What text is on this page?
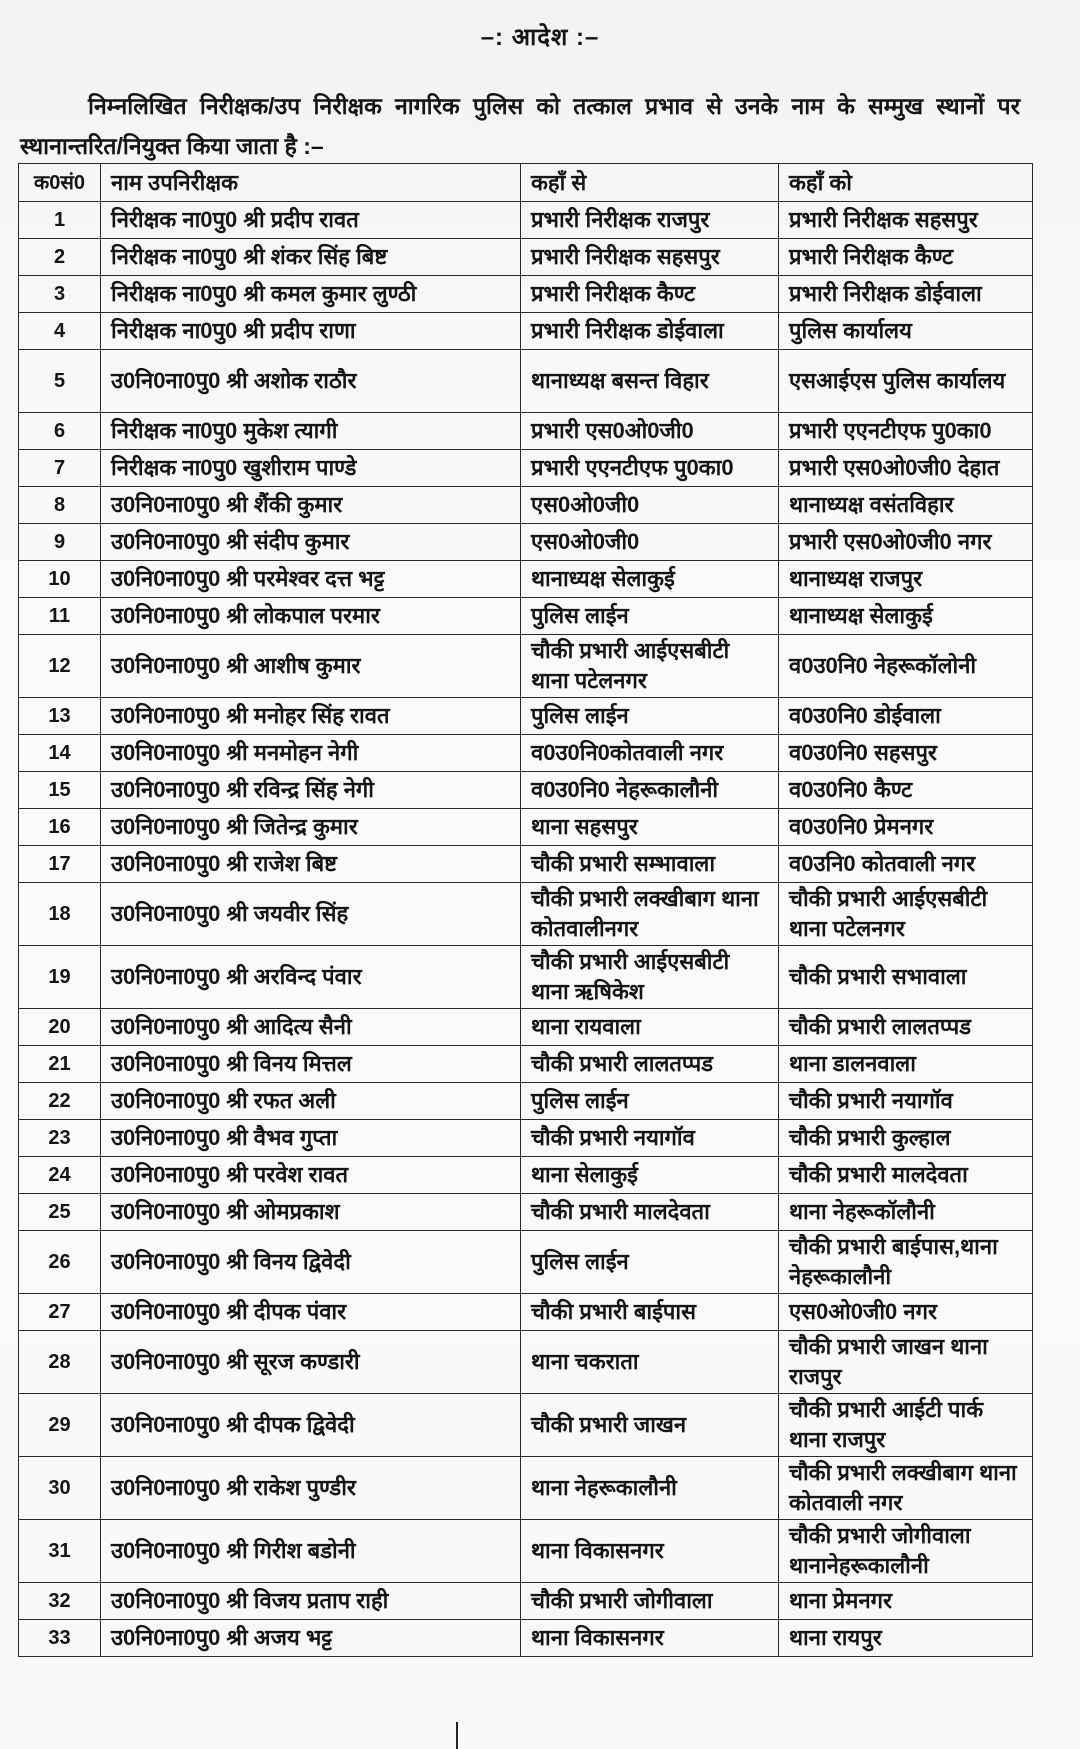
–: आदेश :–
निम्नलिखित निरीक्षक/उप निरीक्षक नागरिक पुलिस को तत्काल प्रभाव से उनके नाम के सम्मुख स्थानों पर स्थानान्तरित/नियुक्त किया जाता है :–
क0सं0	नाम उपनिरीक्षक	कहाँ से	कहाँ को
1	निरीक्षक ना0पु0 श्री प्रदीप रावत	प्रभारी निरीक्षक राजपुर	प्रभारी निरीक्षक सहसपुर
2	निरीक्षक ना0पु0 श्री शंकर सिंह बिष्ट	प्रभारी निरीक्षक सहसपुर	प्रभारी निरीक्षक कैण्ट
3	निरीक्षक ना0पु0 श्री कमल कुमार लुण्ठी	प्रभारी निरीक्षक कैण्ट	प्रभारी निरीक्षक डोईवाला
4	निरीक्षक ना0पु0 श्री प्रदीप राणा	प्रभारी निरीक्षक डोईवाला	पुलिस कार्यालय
5	उ0नि0ना0पु0 श्री अशोक राठौर	थानाध्यक्ष बसन्त विहार	एसआईएस पुलिस कार्यालय
6	निरीक्षक ना0पु0 मुकेश त्यागी	प्रभारी एस0ओ0जी0	प्रभारी एएनटीएफ पु0का0
7	निरीक्षक ना0पु0 खुशीराम पाण्डे	प्रभारी एएनटीएफ पु0का0	प्रभारी एस0ओ0जी0 देहात
8	उ0नि0ना0पु0 श्री शैंकी कुमार	एस0ओ0जी0	थानाध्यक्ष वसंतविहार
9	उ0नि0ना0पु0 श्री संदीप कुमार	एस0ओ0जी0	प्रभारी एस0ओ0जी0 नगर
10	उ0नि0ना0पु0 श्री परमेश्वर दत्त भट्ट	थानाध्यक्ष सेलाकुई	थानाध्यक्ष राजपुर
11	उ0नि0ना0पु0 श्री लोकपाल परमार	पुलिस लाईन	थानाध्यक्ष सेलाकुई
12	उ0नि0ना0पु0 श्री आशीष कुमार	चौकी प्रभारी आईएसबीटी थाना पटेलनगर	व0उ0नि0 नेहरूकॉलोनी
13	उ0नि0ना0पु0 श्री मनोहर सिंह रावत	पुलिस लाईन	व0उ0नि0 डोईवाला
14	उ0नि0ना0पु0 श्री मनमोहन नेगी	व0उ0नि0कोतवाली नगर	व0उ0नि0 सहसपुर
15	उ0नि0ना0पु0 श्री रविन्द्र सिंह नेगी	व0उ0नि0 नेहरूकालौनी	व0उ0नि0 कैण्ट
16	उ0नि0ना0पु0 श्री जितेन्द्र कुमार	थाना सहसपुर	व0उ0नि0 प्रेमनगर
17	उ0नि0ना0पु0 श्री राजेश बिष्ट	चौकी प्रभारी सम्भावाला	व0उनि0 कोतवाली नगर
18	उ0नि0ना0पु0 श्री जयवीर सिंह	चौकी प्रभारी लक्खीबाग थाना कोतवालीनगर	चौकी प्रभारी आईएसबीटी थाना पटेलनगर
19	उ0नि0ना0पु0 श्री अरविन्द पंवार	चौकी प्रभारी आईएसबीटी थाना ऋषिकेश	चौकी प्रभारी सभावाला
20	उ0नि0ना0पु0 श्री आदित्य सैनी	थाना रायवाला	चौकी प्रभारी लालतप्पड
21	उ0नि0ना0पु0 श्री विनय मित्तल	चौकी प्रभारी लालतप्पड	थाना डालनवाला
22	उ0नि0ना0पु0 श्री रफत अली	पुलिस लाईन	चौकी प्रभारी नयागॉव
23	उ0नि0ना0पु0 श्री वैभव गुप्ता	चौकी प्रभारी नयागॉव	चौकी प्रभारी कुल्हाल
24	उ0नि0ना0पु0 श्री परवेश रावत	थाना सेलाकुई	चौकी प्रभारी मालदेवता
25	उ0नि0ना0पु0 श्री ओमप्रकाश	चौकी प्रभारी मालदेवता	थाना नेहरूकॉलौनी
26	उ0नि0ना0पु0 श्री विनय द्विवेदी	पुलिस लाईन	चौकी प्रभारी बाईपास,थाना नेहरूकालौनी
27	उ0नि0ना0पु0 श्री दीपक पंवार	चौकी प्रभारी बाईपास	एस0ओ0जी0 नगर
28	उ0नि0ना0पु0 श्री सूरज कण्डारी	थाना चकराता	चौकी प्रभारी जाखन थाना राजपुर
29	उ0नि0ना0पु0 श्री दीपक द्विवेदी	चौकी प्रभारी जाखन	चौकी प्रभारी आईटी पार्क थाना राजपुर
30	उ0नि0ना0पु0 श्री राकेश पुण्डीर	थाना नेहरूकालौनी	चौकी प्रभारी लक्खीबाग थाना कोतवाली नगर
31	उ0नि0ना0पु0 श्री गिरीश बडोनी	थाना विकासनगर	चौकी प्रभारी जोगीवाला थानानेहरूकालौनी
32	उ0नि0ना0पु0 श्री विजय प्रताप राही	चौकी प्रभारी जोगीवाला	थाना प्रेमनगर
33	उ0नि0ना0पु0 श्री अजय भट्ट	थाना विकासनगर	थाना रायपुर
